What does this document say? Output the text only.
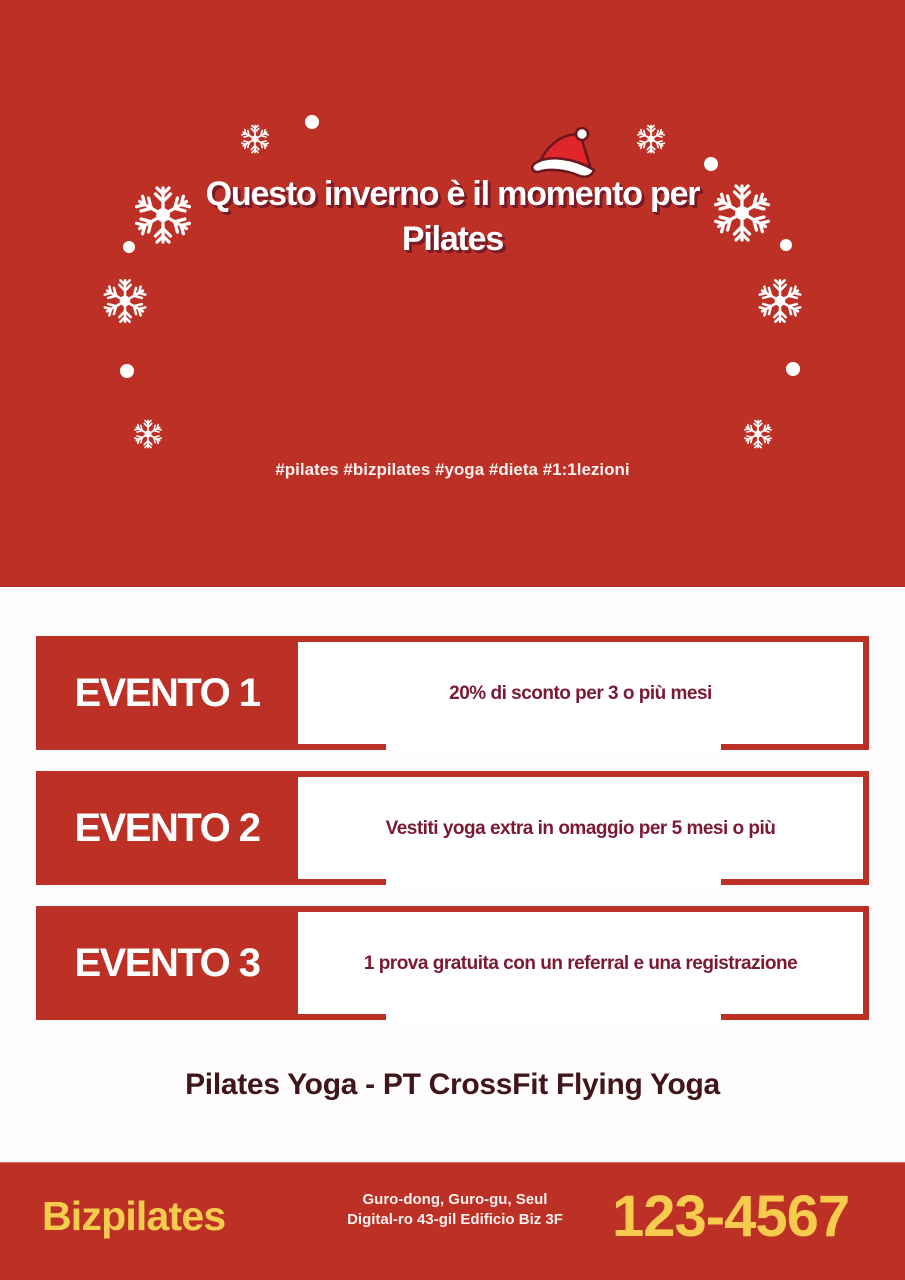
Questo inverno è il momento per
Pilates
#pilates #bizpilates #yoga #dieta #1:1lezioni
EVENTO 1	20% di sconto per 3 o più mesi
EVENTO 2	Vestiti yoga extra in omaggio per 5 mesi o più
EVENTO 3	1 prova gratuita con un referral e una registrazione
Pilates Yoga - PT CrossFit Flying Yoga
Bizpilates	Guro-dong, Guro-gu, Seul
Digital-ro 43-gil Edificio Biz 3F 123-4567
